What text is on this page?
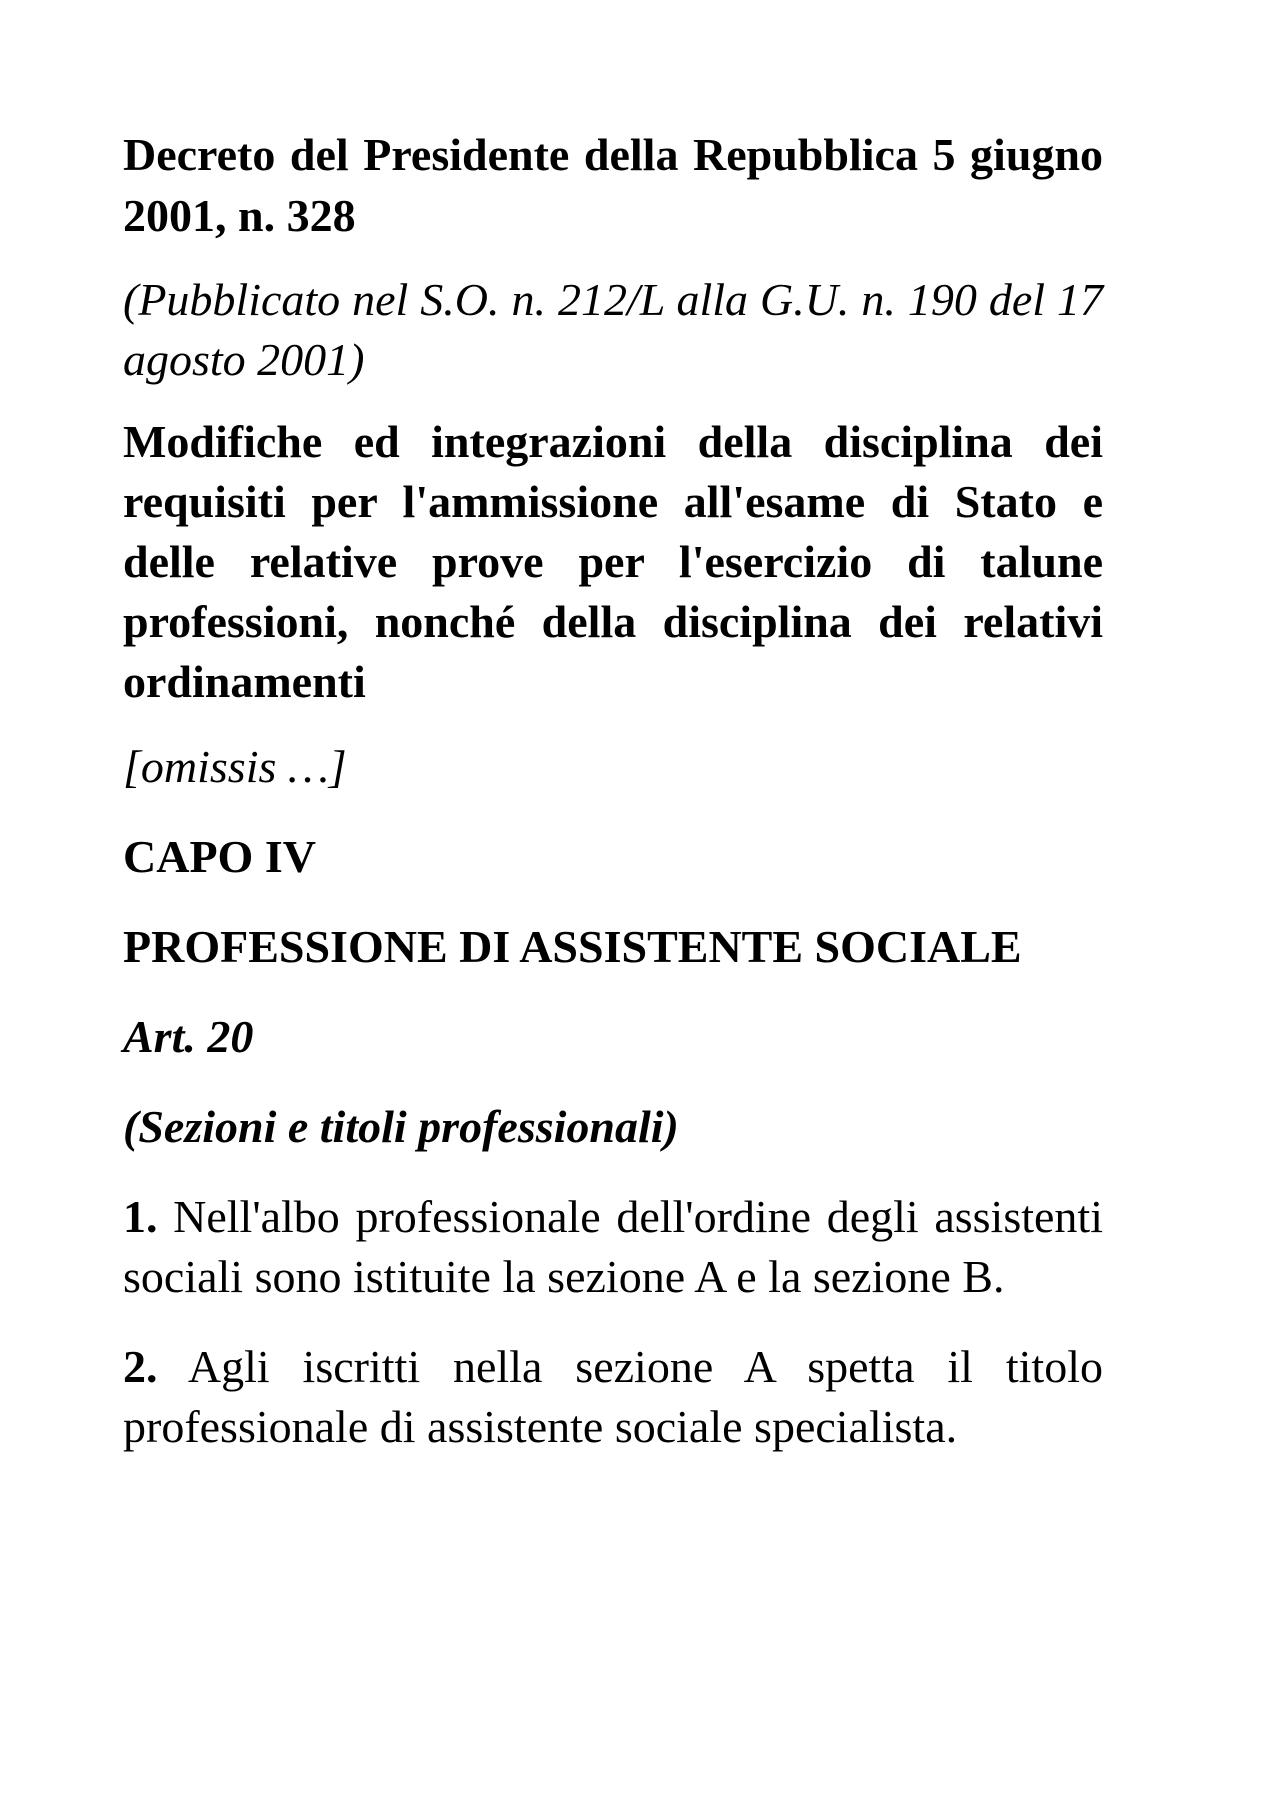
Decreto del Presidente della Repubblica 5 giugno 2001, n. 328

(Pubblicato nel S.O. n. 212/L alla G.U. n. 190 del 17 agosto 2001)

Modifiche ed integrazioni della disciplina dei requisiti per l'ammissione all'esame di Stato e delle relative prove per l'esercizio di talune professioni, nonché della disciplina dei relativi ordinamenti

[omissis …]

CAPO IV

PROFESSIONE DI ASSISTENTE SOCIALE

Art. 20

(Sezioni e titoli professionali)

1. Nell'albo professionale dell'ordine degli assistenti sociali sono istituite la sezione A e la sezione B.

2. Agli iscritti nella sezione A spetta il titolo professionale di assistente sociale specialista.
